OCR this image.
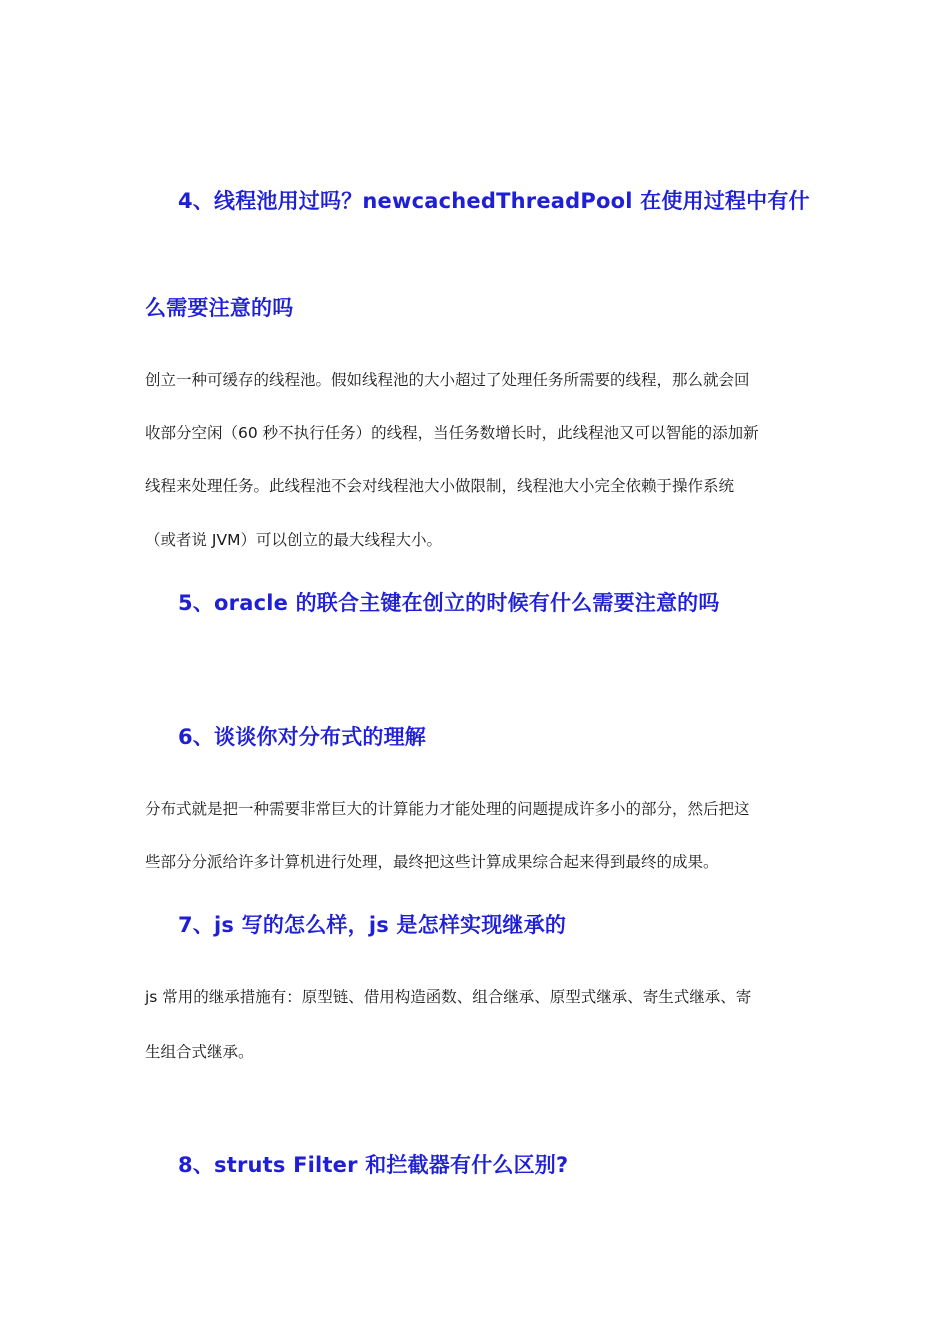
4、线程池用过吗？newcachedThreadPool 在使用过程中有什
么需要注意的吗

创立一种可缓存的线程池。假如线程池的大小超过了处理任务所需要的线程，那么就会回

收部分空闲（60 秒不执行任务）的线程，当任务数增长时，此线程池又可以智能的添加新

线程来处理任务。此线程池不会对线程池大小做限制，线程池大小完全依赖于操作系统

（或者说 JVM）可以创立的最大线程大小。

5、oracle 的联合主键在创立的时候有什么需要注意的吗
6、谈谈你对分布式的理解

分布式就是把一种需要非常巨大的计算能力才能处理的问题提成许多小的部分，然后把这

些部分分派给许多计算机进行处理，最终把这些计算成果综合起来得到最终的成果。

7、js 写的怎么样，js 是怎样实现继承的

js 常用的继承措施有：原型链、借用构造函数、组合继承、原型式继承、寄生式继承、寄

生组合式继承。

8、struts Filter 和拦截器有什么区别?
